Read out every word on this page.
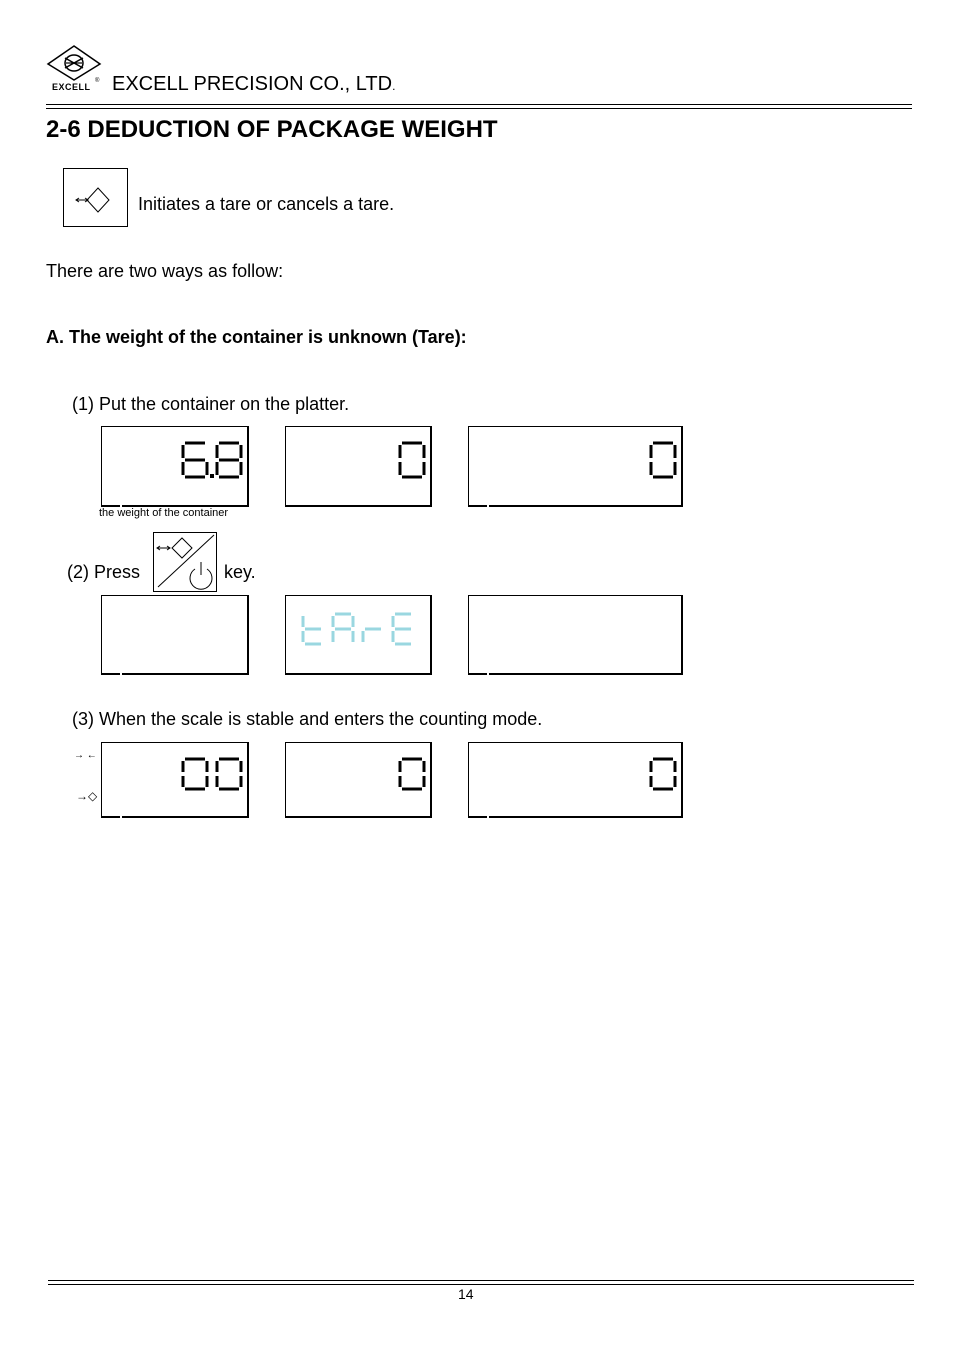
EXCELL
® EXCELL PRECISION CO., LTD.
2-6 DEDUCTION OF PACKAGE WEIGHT
Initiates a tare or cancels a tare.
There are two ways as follow:
A. The weight of the container is unknown (Tare):
(1) Put the container on the platter.
the weight of the container
(2) Press	key.
(3) When the scale is stable and enters the counting mode.
→ ←
→◇
14
